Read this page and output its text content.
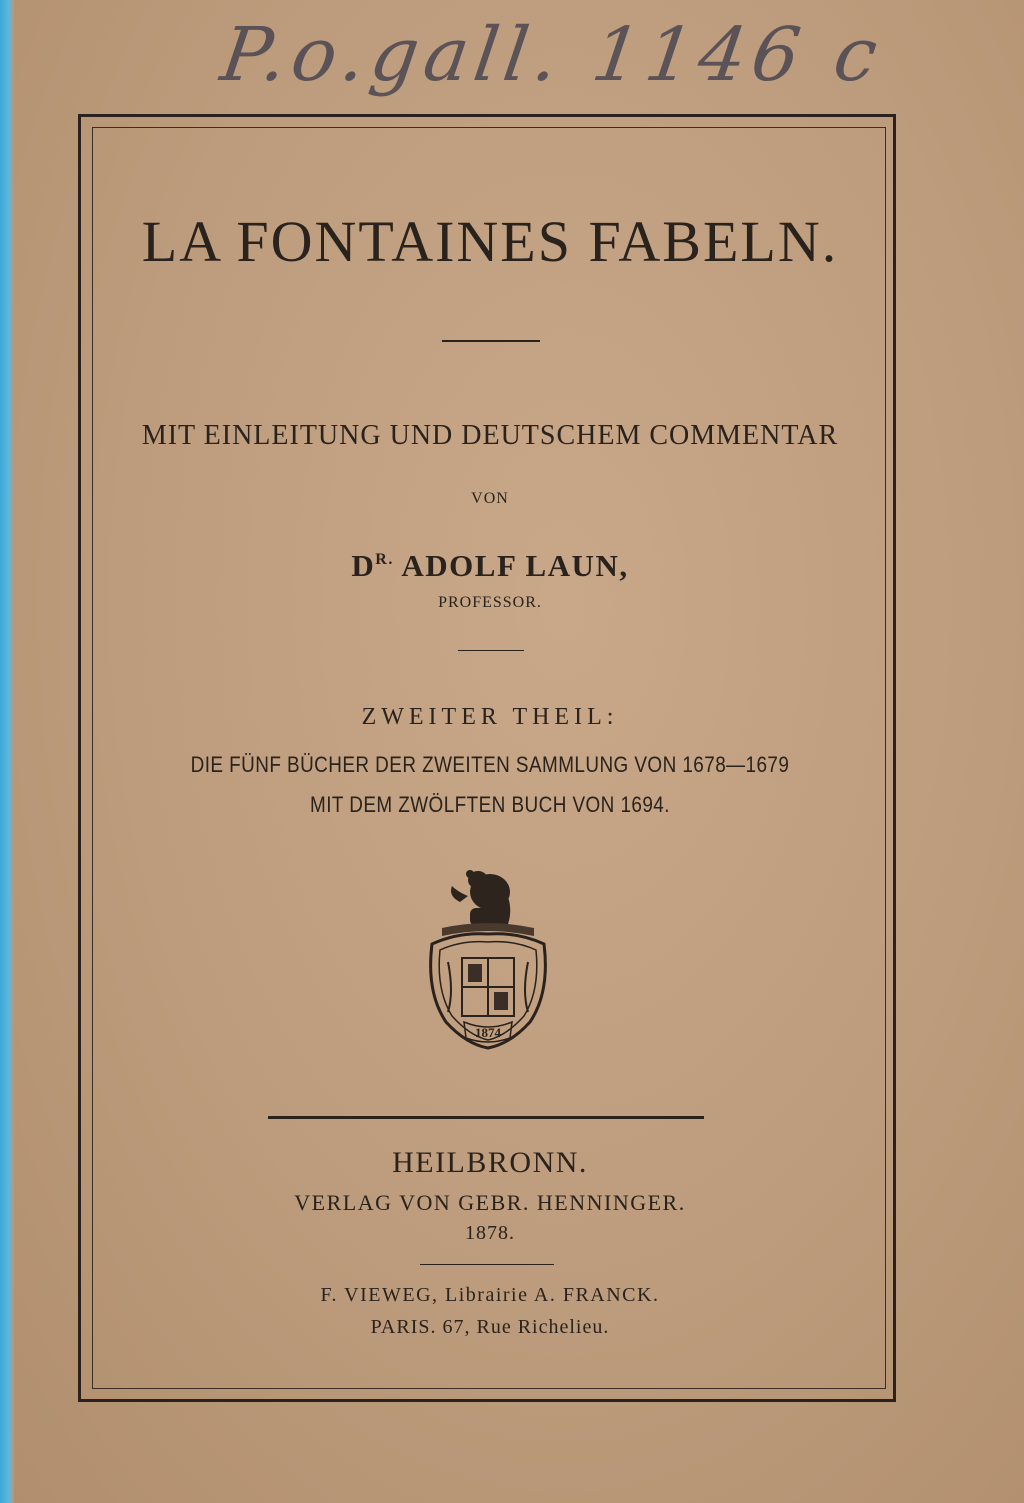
P.o.gall. 1146 c
LA FONTAINES FABELN.
MIT EINLEITUNG UND DEUTSCHEM COMMENTAR
VON
$D^{R.}$ ADOLF LAUN,
PROFESSOR.
ZWEITER THEIL:
DIE FÜNF BÜCHER DER ZWEITEN SAMMLUNG VON 1678—1679
MIT DEM ZWÖLFTEN BUCH VON 1694.
1874
HEILBRONN.
VERLAG VON GEBR. HENNINGER.
1878.
F. VIEWEG, Librairie A. FRANCK.
PARIS. 67, Rue Richelieu.
